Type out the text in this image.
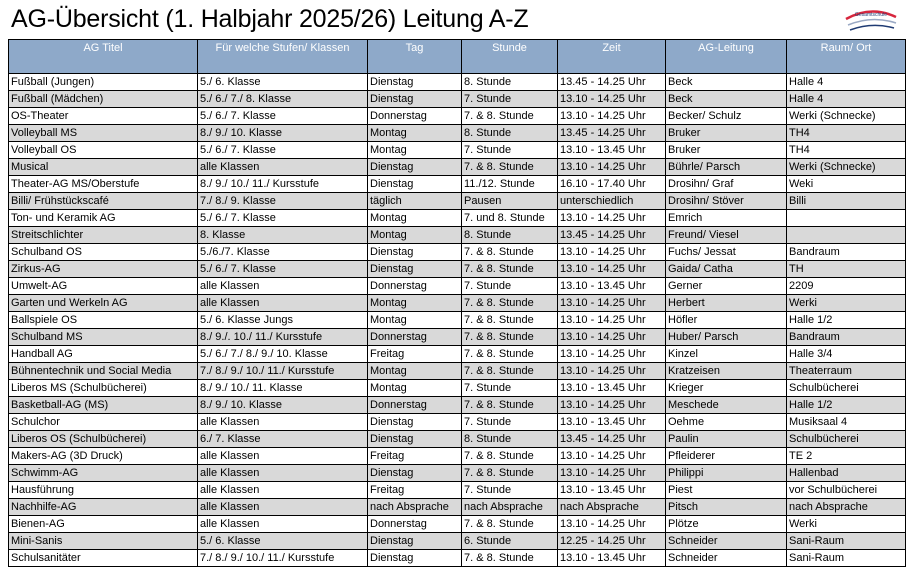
AG-Übersicht (1. Halbjahr 2025/26) Leitung A-Z	Gesamtschule
AG Titel	Für welche Stufen/ Klassen	Tag	Stunde	Zeit	AG-Leitung	Raum/ Ort
Fußball (Jungen)	5./ 6. Klasse	Dienstag	8. Stunde	13.45 - 14.25 Uhr	Beck	Halle 4
Fußball (Mädchen)	5./ 6./ 7./ 8. Klasse	Dienstag	7. Stunde	13.10 - 14.25 Uhr	Beck	Halle 4
OS-Theater	5./ 6./ 7. Klasse	Donnerstag	7. & 8. Stunde	13.10 - 14.25 Uhr	Becker/ Schulz	Werki (Schnecke)
Volleyball MS	8./ 9./ 10. Klasse	Montag	8. Stunde	13.45 - 14.25 Uhr	Bruker	TH4
Volleyball OS	5./ 6./ 7. Klasse	Montag	7. Stunde	13.10 - 13.45 Uhr	Bruker	TH4
Musical	alle Klassen	Dienstag	7. & 8. Stunde	13.10 - 14.25 Uhr	Bührle/ Parsch	Werki (Schnecke)
Theater-AG MS/Oberstufe	8./ 9./ 10./ 11./ Kursstufe	Dienstag	11./12. Stunde	16.10 - 17.40 Uhr	Drosihn/ Graf	Weki
Billi/ Frühstückscafé	7./ 8./ 9. Klasse	täglich	Pausen	unterschiedlich	Drosihn/ Stöver	Billi
Ton- und Keramik AG	5./ 6./ 7. Klasse	Montag	7. und 8. Stunde	13.10 - 14.25 Uhr	Emrich	
Streitschlichter	8. Klasse	Montag	8. Stunde	13.45 - 14.25 Uhr	Freund/ Viesel	
Schulband OS	5./6./7. Klasse	Dienstag	7. & 8. Stunde	13.10 - 14.25 Uhr	Fuchs/ Jessat	Bandraum
Zirkus-AG	5./ 6./ 7. Klasse	Dienstag	7. & 8. Stunde	13.10 - 14.25 Uhr	Gaida/ Catha	TH
Umwelt-AG	alle Klassen	Donnerstag	7. Stunde	13.10 - 13.45 Uhr	Gerner	2209
Garten und Werkeln AG	alle Klassen	Montag	7. & 8. Stunde	13.10 - 14.25 Uhr	Herbert	Werki
Ballspiele OS	5./ 6. Klasse Jungs	Montag	7. & 8. Stunde	13.10 - 14.25 Uhr	Höfler	Halle 1/2
Schulband MS	8./ 9./. 10./ 11./ Kursstufe	Donnerstag	7. & 8. Stunde	13.10 - 14.25 Uhr	Huber/ Parsch	Bandraum
Handball AG	5./ 6./ 7./ 8./ 9./ 10. Klasse	Freitag	7. & 8. Stunde	13.10 - 14.25 Uhr	Kinzel	Halle 3/4
Bühnentechnik und Social Media	7./ 8./ 9./ 10./ 11./ Kursstufe	Montag	7. & 8. Stunde	13.10 - 14.25 Uhr	Kratzeisen	Theaterraum
Liberos MS (Schulbücherei)	8./ 9./ 10./ 11. Klasse	Montag	7. Stunde	13.10 - 13.45 Uhr	Krieger	Schulbücherei
Basketball-AG (MS)	8./ 9./ 10. Klasse	Donnerstag	7. & 8. Stunde	13.10 - 14.25 Uhr	Meschede	Halle 1/2
Schulchor	alle Klassen	Dienstag	7. Stunde	13.10 - 13.45 Uhr	Oehme	Musiksaal 4
Liberos OS (Schulbücherei)	6./ 7. Klasse	Dienstag	8. Stunde	13.45 - 14.25 Uhr	Paulin	Schulbücherei
Makers-AG (3D Druck)	alle Klassen	Freitag	7. & 8. Stunde	13.10 - 14.25 Uhr	Pfleiderer	TE 2
Schwimm-AG	alle Klassen	Dienstag	7. & 8. Stunde	13.10 - 14.25 Uhr	Philippi	Hallenbad
Hausführung	alle Klassen	Freitag	7. Stunde	13.10 - 13.45 Uhr	Piest	vor Schulbücherei
Nachhilfe-AG	alle Klassen	nach Absprache	nach Absprache	nach Absprache	Pitsch	nach Absprache
Bienen-AG	alle Klassen	Donnerstag	7. & 8. Stunde	13.10 - 14.25 Uhr	Plötze	Werki
Mini-Sanis	5./ 6. Klasse	Dienstag	6. Stunde	12.25 - 14.25 Uhr	Schneider	Sani-Raum
Schulsanitäter	7./ 8./ 9./ 10./ 11./ Kursstufe	Dienstag	7. & 8. Stunde	13.10 - 13.45 Uhr	Schneider	Sani-Raum
